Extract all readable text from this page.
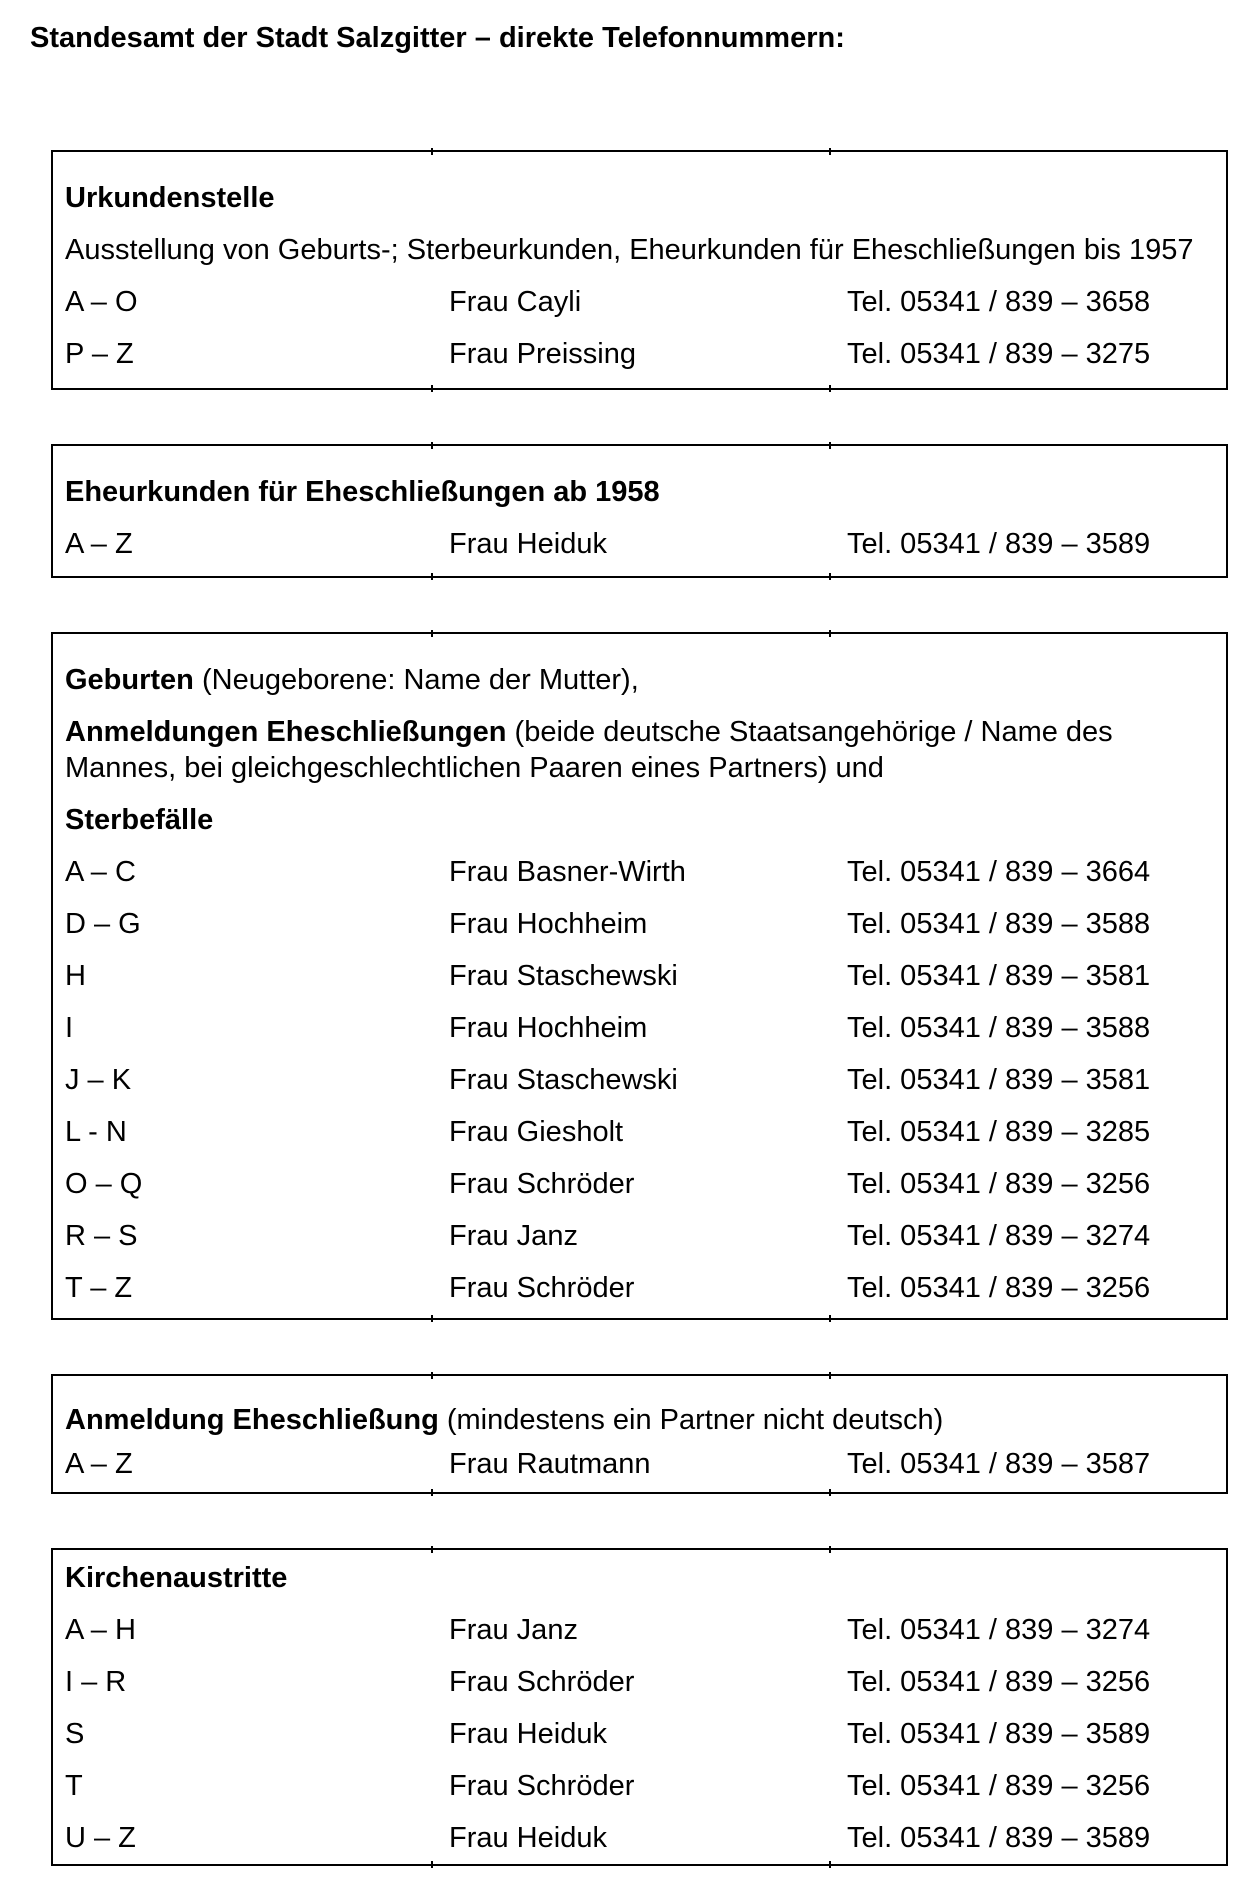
Standesamt der Stadt Salzgitter – direkte Telefonnummern:

Urkundenstelle

Ausstellung von Geburts-; Sterbeurkunden, Eheurkunden für Eheschließungen bis 1957

A – O	Frau Cayli	Tel. 05341 / 839 – 3658
P – Z	Frau Preissing	Tel. 05341 / 839 – 3275

Eheurkunden für Eheschließungen ab 1958

A – Z	Frau Heiduk	Tel. 05341 / 839 – 3589

Geburten (Neugeborene: Name der Mutter),

Anmeldungen Eheschließungen (beide deutsche Staatsangehörige / Name des

Mannes, bei gleichgeschlechtlichen Paaren eines Partners) und

Sterbefälle

A – C	Frau Basner-Wirth	Tel. 05341 / 839 – 3664
D – G	Frau Hochheim	Tel. 05341 / 839 – 3588
H	Frau Staschewski	Tel. 05341 / 839 – 3581
I	Frau Hochheim	Tel. 05341 / 839 – 3588
J – K	Frau Staschewski	Tel. 05341 / 839 – 3581
L - N	Frau Giesholt	Tel. 05341 / 839 – 3285
O – Q	Frau Schröder	Tel. 05341 / 839 – 3256
R – S	Frau Janz	Tel. 05341 / 839 – 3274
T – Z	Frau Schröder	Tel. 05341 / 839 – 3256

Anmeldung Eheschließung (mindestens ein Partner nicht deutsch)

A – Z	Frau Rautmann	Tel. 05341 / 839 – 3587

Kirchenaustritte

A – H	Frau Janz	Tel. 05341 / 839 – 3274
I – R	Frau Schröder	Tel. 05341 / 839 – 3256
S	Frau Heiduk	Tel. 05341 / 839 – 3589
T	Frau Schröder	Tel. 05341 / 839 – 3256
U – Z	Frau Heiduk	Tel. 05341 / 839 – 3589
